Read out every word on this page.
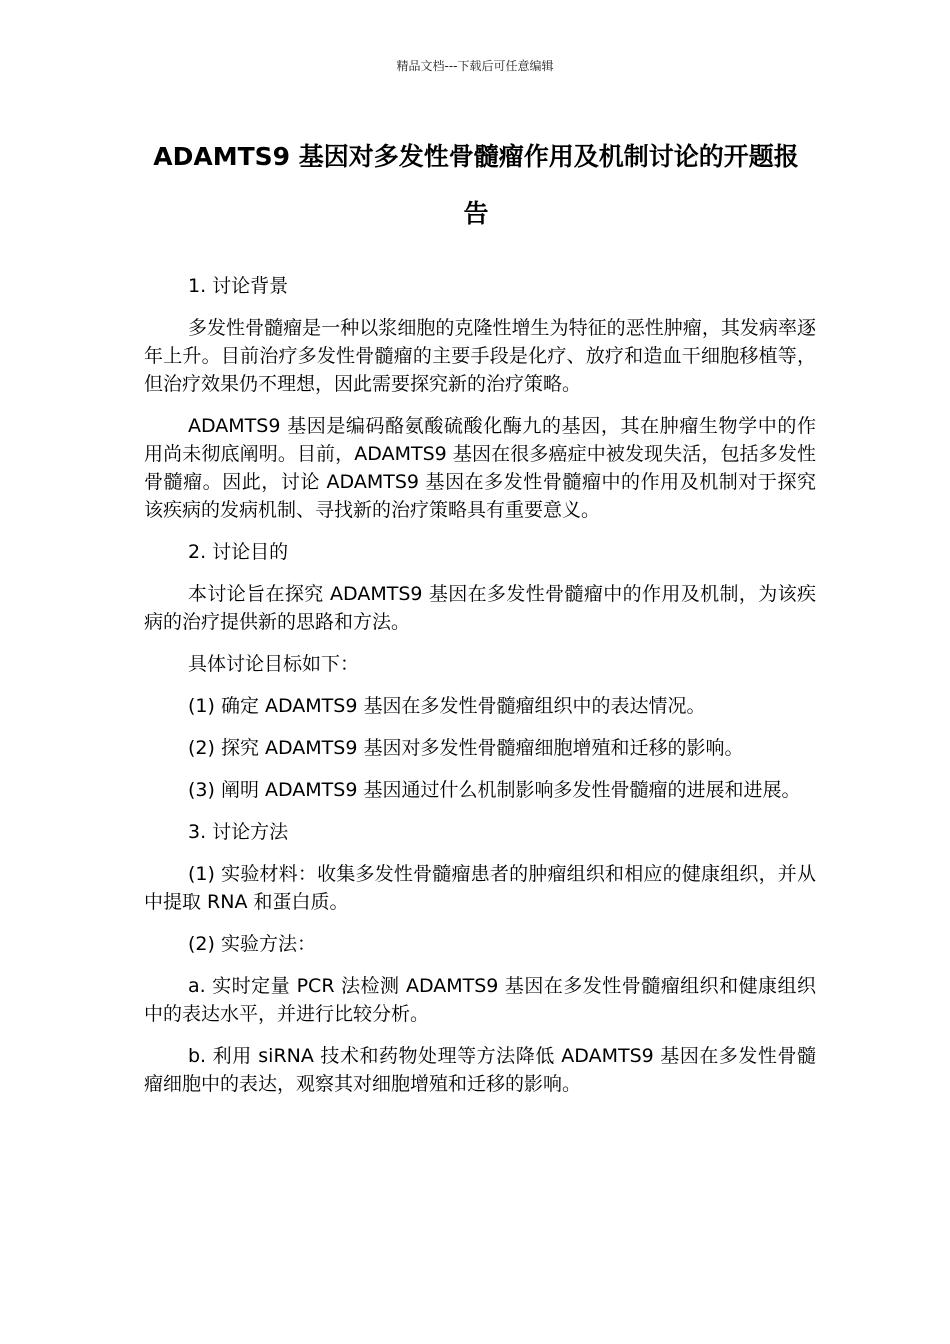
精品文档---下载后可任意编辑
ADAMTS9 基因对多发性骨髓瘤作用及机制讨论的开题报告

1. 讨论背景

多发性骨髓瘤是一种以浆细胞的克隆性增生为特征的恶性肿瘤，其发病率逐年上升。目前治疗多发性骨髓瘤的主要手段是化疗、放疗和造血干细胞移植等，但治疗效果仍不理想，因此需要探究新的治疗策略。

ADAMTS9 基因是编码酪氨酸硫酸化酶九的基因，其在肿瘤生物学中的作用尚未彻底阐明。目前，ADAMTS9 基因在很多癌症中被发现失活，包括多发性骨髓瘤。因此，讨论 ADAMTS9 基因在多发性骨髓瘤中的作用及机制对于探究该疾病的发病机制、寻找新的治疗策略具有重要意义。

2. 讨论目的

本讨论旨在探究 ADAMTS9 基因在多发性骨髓瘤中的作用及机制，为该疾病的治疗提供新的思路和方法。

具体讨论目标如下：

(1) 确定 ADAMTS9 基因在多发性骨髓瘤组织中的表达情况。

(2) 探究 ADAMTS9 基因对多发性骨髓瘤细胞增殖和迁移的影响。

(3) 阐明 ADAMTS9 基因通过什么机制影响多发性骨髓瘤的进展和进展。

3. 讨论方法

(1) 实验材料：收集多发性骨髓瘤患者的肿瘤组织和相应的健康组织，并从中提取 RNA 和蛋白质。

(2) 实验方法：

a. 实时定量 PCR 法检测 ADAMTS9 基因在多发性骨髓瘤组织和健康组织中的表达水平，并进行比较分析。

b. 利用 siRNA 技术和药物处理等方法降低 ADAMTS9 基因在多发性骨髓瘤细胞中的表达，观察其对细胞增殖和迁移的影响。
